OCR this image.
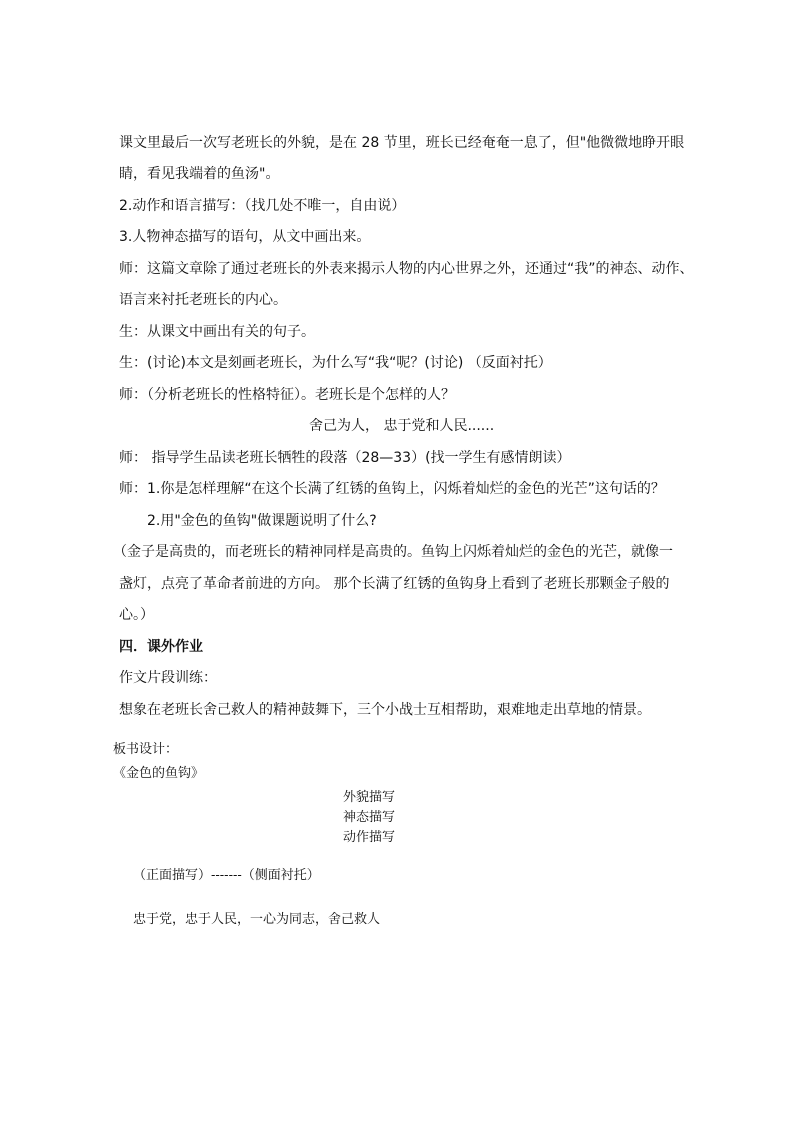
课文里最后一次写老班长的外貌，是在 28 节里，班长已经奄奄一息了，但"他微微地睁开眼
睛，看见我端着的鱼汤"。
2.动作和语言描写：（找几处不唯一，自由说）
3.人物神态描写的语句，从文中画出来。
师：这篇文章除了通过老班长的外表来揭示人物的内心世界之外，还通过“我”的神态、动作、
语言来衬托老班长的内心。
生：从课文中画出有关的句子。
生：(讨论)本文是刻画老班长，为什么写“我“呢？(讨论) （反面衬托）
师：（分析老班长的性格特征）。老班长是个怎样的人？
舍己为人， 忠于党和人民......
师： 指导学生品读老班长牺牲的段落（28—33）(找一学生有感情朗读）
师：1.你是怎样理解“在这个长满了红锈的鱼钩上，闪烁着灿烂的金色的光芒”这句话的？
2.用"金色的鱼钩"做课题说明了什么?
（金子是高贵的，而老班长的精神同样是高贵的。鱼钩上闪烁着灿烂的金色的光芒，就像一
盏灯，点亮了革命者前进的方向。 那个长满了红锈的鱼钩身上看到了老班长那颗金子般的
心。）
四．课外作业
作文片段训练：
想象在老班长舍己救人的精神鼓舞下，三个小战士互相帮助，艰难地走出草地的情景。
板书设计：
《金色的鱼钩》
外貌描写
神态描写
动作描写
（正面描写）-------（侧面衬托）
忠于党，忠于人民，一心为同志，舍己救人
